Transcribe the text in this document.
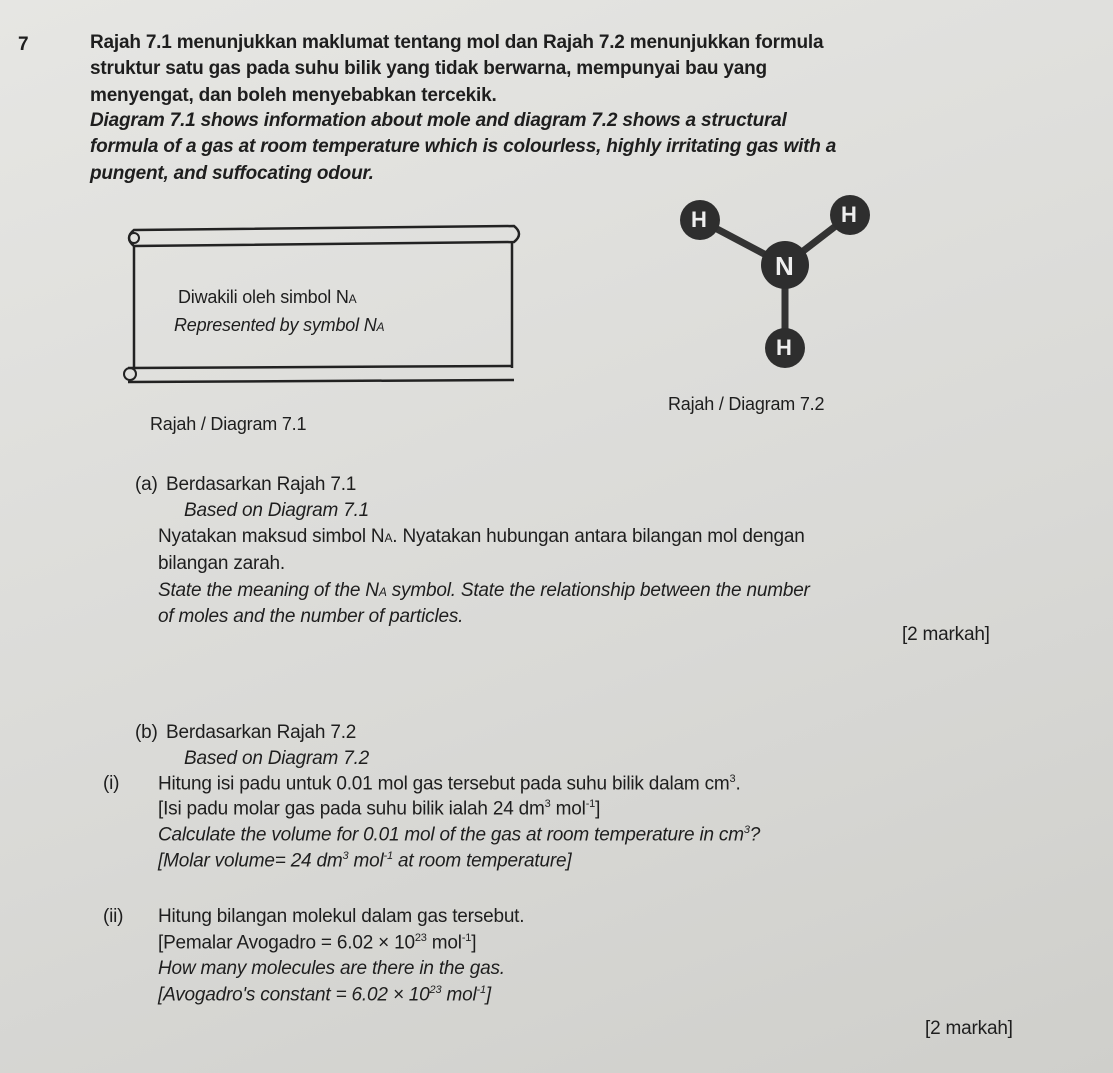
7	Rajah 7.1 menunjukkan maklumat tentang mol dan Rajah 7.2 menunjukkan formula
struktur satu gas pada suhu bilik yang tidak berwarna, mempunyai bau yang
menyengat, dan boleh menyebabkan tercekik.
Diagram 7.1 shows information about mole and diagram 7.2 shows a structural
formula of a gas at room temperature which is colourless, highly irritating gas with a
pungent, and suffocating odour.
Diwakili oleh simbol NA
Represented by symbol NA
Rajah / Diagram 7.1
H	H
N
H
Rajah / Diagram 7.2
(a) Berdasarkan Rajah 7.1
Based on Diagram 7.1
Nyatakan maksud simbol NA. Nyatakan hubungan antara bilangan mol dengan
bilangan zarah.
State the meaning of the NA symbol. State the relationship between the number
of moles and the number of particles.
[2 markah]
(b) Berdasarkan Rajah 7.2
Based on Diagram 7.2
(i) Hitung isi padu untuk 0.01 mol gas tersebut pada suhu bilik dalam $cm^3$.
[Isi padu molar gas pada suhu bilik ialah 24 $dm^3$ mol$^{-1}$]
Calculate the volume for 0.01 mol of the gas at room temperature in $cm^3$?
[Molar volume= 24 $dm^3$ mol$^{-1}$ at room temperature]
(ii) Hitung bilangan molekul dalam gas tersebut.
[Pemalar Avogadro = $6.02 \times 10^{23}$ mol$^{-1}$]
How many molecules are there in the gas.
[Avogadro's constant = $6.02 \times 10^{23}$ mol$^{-1}$]
[2 markah]
